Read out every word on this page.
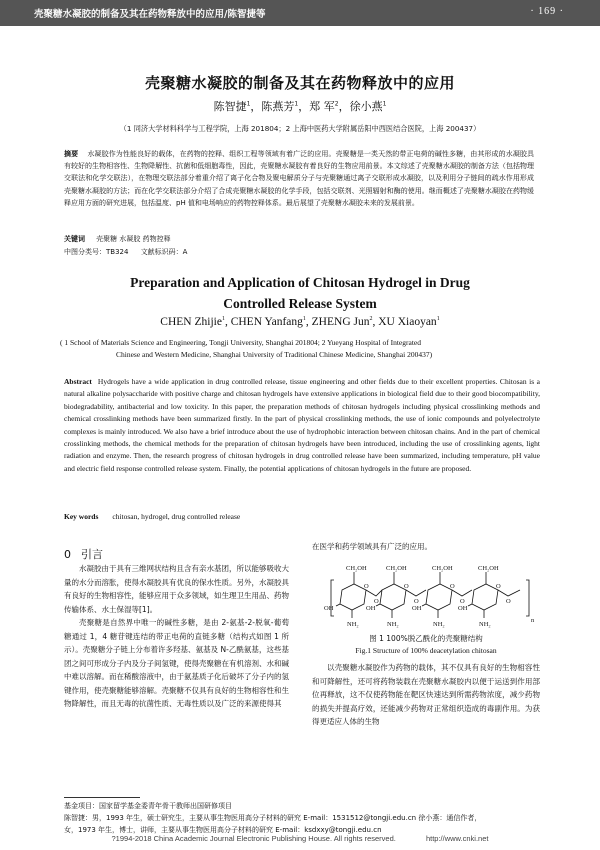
壳聚糖水凝胶的制备及其在药物释放中的应用/陈智捷等	· 169 ·
壳聚糖水凝胶的制备及其在药物释放中的应用
陈智捷$^1$，陈燕芳$^1$，郑 军$^2$，徐小燕$^1$
（1 同济大学材料科学与工程学院，上海 201804；2 上海中医药大学附属岳阳中西医结合医院，上海 200437）
摘要 水凝胶作为性能良好的载体，在药物的控释、组织工程等领域有着广泛的应用。壳聚糖是一类天然的带正电荷的碱性多糖，由其形成的水凝胶具有较好的生物相容性、生物降解性、抗菌和低细胞毒性，因此，壳聚糖水凝胶有着良好的生物应用前景。本文综述了壳聚糖水凝胶的制备方法（包括物理交联法和化学交联法），在物理交联法部分着重介绍了离子化合物及聚电解质分子与壳聚糖通过离子交联形成水凝胶，以及利用分子链间的疏水作用形成壳聚糖水凝胶的方法；而在化学交联法部分介绍了合成壳聚糖水凝胶的化学手段，包括交联剂、光照辐射和酶的使用。继而概述了壳聚糖水凝胶在药物缓释应用方面的研究进展，包括温度、pH 值和电场响应的药物控释体系。最后展望了壳聚糖水凝胶未来的发展前景。
关键词 壳聚糖 水凝胶 药物控释
中图分类号：TB324 文献标识码：A
Preparation and Application of Chitosan Hydrogel in Drug
Controlled Release System
CHEN Zhijie$^1$, CHEN Yanfang$^1$, ZHENG Jun$^2$, XU Xiaoyan$^1$
( 1 School of Materials Science and Engineering, Tongji University, Shanghai 201804; 2 Yueyang Hospital of Integrated
Chinese and Western Medicine, Shanghai University of Traditional Chinese Medicine, Shanghai 200437)
Abstract Hydrogels have a wide application in drug controlled release, tissue engineering and other fields due to their excellent properties. Chitosan is a natural alkaline polysaccharide with positive charge and chitosan hydrogels have extensive applications in biological field due to their good biocompatibility, biodegradability, antibacterial and low toxicity. In this paper, the preparation methods of chitosan hydrogels including physical crosslinking methods and chemical crosslinking methods have been summarized firstly. In the part of physical crosslinking methods, the use of ionic compounds and polyelectrolyte complexes is mainly introduced. We also have a brief introduce about the use of hydrophobic interaction between chitosan chains. And in the part of chemical crosslinking methods, the chemical methods for the preparation of chitosan hydrogels have been introduced, including the use of crosslinking agents, light radiation and enzyme. Then, the research progress of chitosan hydrogels in drug controlled release have been summarized, including temperature, pH value and electric field response controlled release system. Finally, the potential applications of chitosan hydrogels in the future are proposed.
Key words chitosan, hydrogel, drug controlled release
0 引言

水凝胶由于具有三维网状结构且含有亲水基团，所以能够吸收大量的水分而溶胀，使得水凝胶具有优良的保水性质。另外，水凝胶具有良好的生物相容性，能够应用于众多领域，如生理卫生用品、药物传输体系、水土保湿等[1]。

壳聚糖是自然界中唯一的碱性多糖，是由 2-氨基-2-脱氧-葡萄糖通过 1，4 糖苷键连结的带正电荷的直链多糖（结构式如图 1 所示）。壳聚糖分子链上分布着许多羟基、氨基及 N-乙酰氨基，这些基团之间可形成分子内及分子间氢键，使得壳聚糖在有机溶剂、水和碱中难以溶解。而在稀酸溶液中，由于氨基质子化后破坏了分子内的氢键作用，使壳聚糖能够溶解。壳聚糖不仅具有良好的生物相容性和生物降解性，而且无毒的抗菌性质、无毒性质以及广泛的来源使得其

在医学和药学领域具有广泛的应用。

CH₂OH	CH₂OH	CH₂OH	CH₂OH
OH	OH	OH	OH
NH₂	NH₂	NH₂	NH₂
O	O	O	O
O	O	O	O
n
图 1 100%脱乙酰化的壳聚糖结构
Fig.1 Structure of 100% deacetylation chitosan

以壳聚糖水凝胶作为药物的载体，其不仅具有良好的生物相容性和可降解性，还可将药物装载在壳聚糖水凝胶内以便于运送到作用部位再释放，这不仅使药物能在靶区快速达到所需药物浓度，减少药物的损失并提高疗效，还能减少药物对正常组织造成的毒副作用。为获得更适应人体的生物

基金项目：国家留学基金委青年骨干教师出国研修项目
陈智捷：男，1993 年生，硕士研究生，主要从事生物医用高分子材料的研究 E-mail：1531512@tongji.edu.cn 徐小燕：通信作者，
女，1973 年生，博士，讲师，主要从事生物医用高分子材料的研究 E-mail：ksdxxy@tongji.edu.cn
?1994-2018 China Academic Journal Electronic Publishing House. All rights reserved.	http://www.cnki.net
